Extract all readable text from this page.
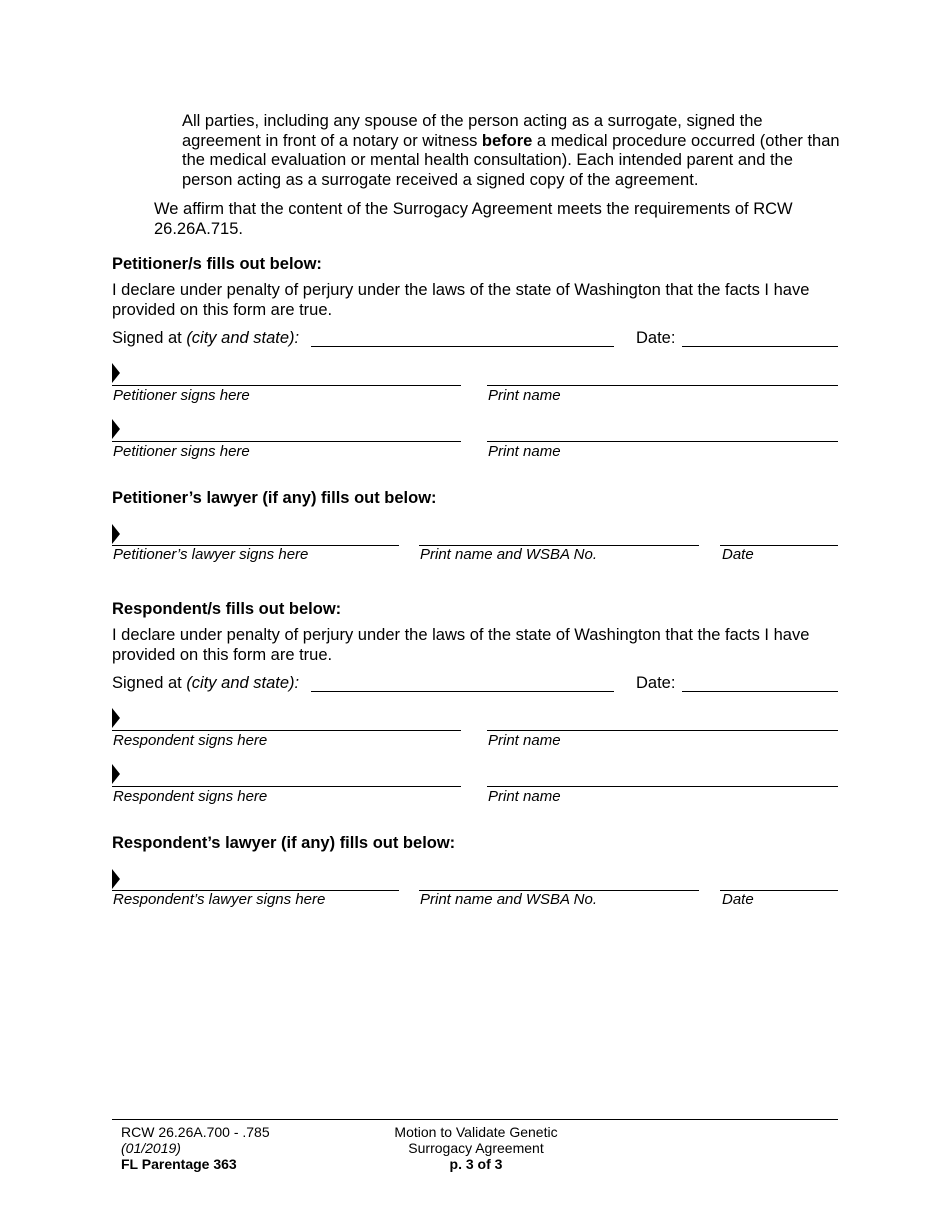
All parties, including any spouse of the person acting as a surrogate, signed the agreement in front of a notary or witness before a medical procedure occurred (other than the medical evaluation or mental health consultation). Each intended parent and the person acting as a surrogate received a signed copy of the agreement.
We affirm that the content of the Surrogacy Agreement meets the requirements of RCW 26.26A.715.
Petitioner/s fills out below:
I declare under penalty of perjury under the laws of the state of Washington that the facts I have provided on this form are true.
Signed at (city and state):	Date:
Petitioner signs here	Print name
Petitioner signs here	Print name
Petitioner’s lawyer (if any) fills out below:
Petitioner’s lawyer signs here	Print name and WSBA No.	Date
Respondent/s fills out below:
I declare under penalty of perjury under the laws of the state of Washington that the facts I have provided on this form are true.
Signed at (city and state):	Date:
Respondent signs here	Print name
Respondent signs here	Print name
Respondent’s lawyer (if any) fills out below:
Respondent’s lawyer signs here	Print name and WSBA No.	Date
RCW 26.26A.700 - .785
(01/2019)
FL Parentage 363
Motion to Validate Genetic
Surrogacy Agreement
p. 3 of 3
